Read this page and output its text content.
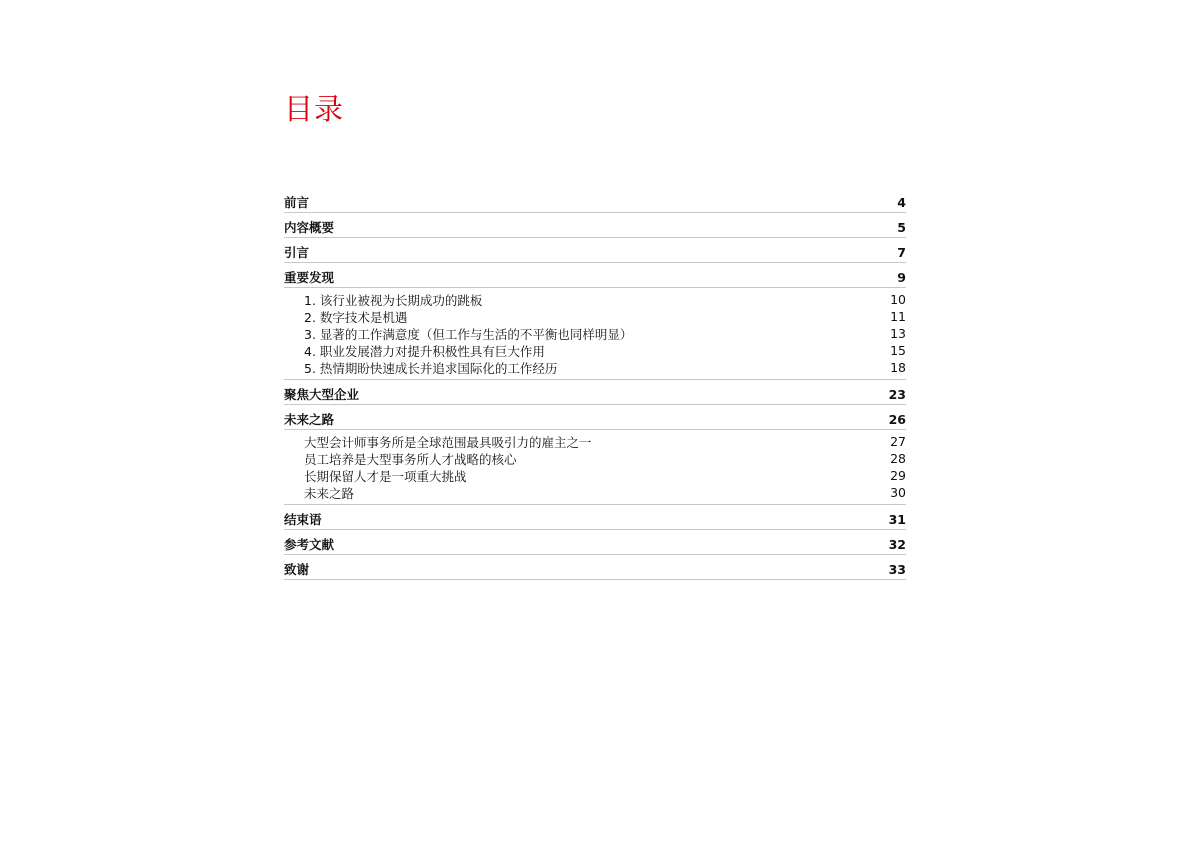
目录
前言	4
内容概要	5
引言	7
重要发现	9
1. 该行业被视为长期成功的跳板	10
2. 数字技术是机遇	11
3. 显著的工作满意度（但工作与生活的不平衡也同样明显）	13
4. 职业发展潜力对提升积极性具有巨大作用	15
5. 热情期盼快速成长并追求国际化的工作经历	18
聚焦大型企业	23
未来之路	26
大型会计师事务所是全球范围最具吸引力的雇主之一	27
员工培养是大型事务所人才战略的核心	28
长期保留人才是一项重大挑战	29
未来之路	30
结束语	31
参考文献	32
致谢	33
